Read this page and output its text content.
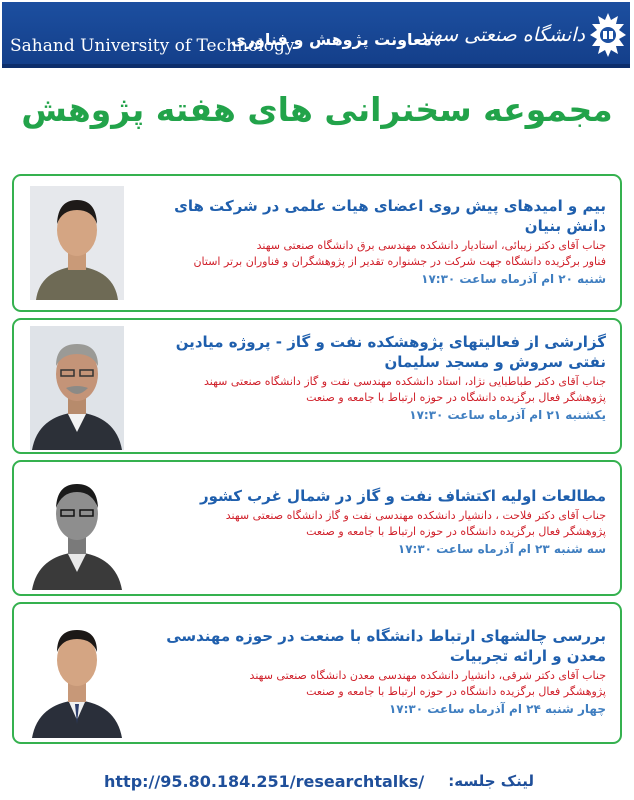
Sahand University of Technology
معاونت پژوهش و فناوری
دانشگاه صنعتی سهند
مجموعه سخنرانی های هفته پژوهش
بیم و امیدهای پیش روی اعضای هیات علمی در شرکت های دانش بنیان
جناب آقای دکتر زیبائی، استادیار دانشکده مهندسی برق دانشگاه صنعتی سهند
فناور برگزیده دانشگاه جهت شرکت در جشنواره تقدیر از پژوهشگران و فناوران برتر استان
شنبه ۲۰ ام آذرماه ساعت ۱۷:۳۰
گزارشی از فعالیتهای پژوهشکده نفت و گاز - پروژه میادین نفتی سروش و مسجد سلیمان
جناب آقای دکتر طباطبایی نژاد، استاد دانشکده مهندسی نفت و گاز دانشگاه صنعتی سهند
پژوهشگر فعال برگزیده دانشگاه در حوزه ارتباط با جامعه و صنعت
یکشنبه ۲۱ ام آذرماه ساعت ۱۷:۳۰
مطالعات اولیه اکتشاف نفت و گاز در شمال غرب کشور
جناب آقای دکتر فلاحت ، دانشیار دانشکده مهندسی نفت و گاز دانشگاه صنعتی سهند
پژوهشگر فعال برگزیده دانشگاه در حوزه ارتباط با جامعه و صنعت
سه شنبه ۲۳ ام آذرماه ساعت ۱۷:۳۰
بررسی چالشهای ارتباط دانشگاه با صنعت در حوزه مهندسی معدن و ارائه تجربیات
جناب آقای دکتر شرقی، دانشیار دانشکده مهندسی معدن دانشگاه صنعتی سهند
پژوهشگر فعال برگزیده دانشگاه در حوزه ارتباط با جامعه و صنعت
چهار شنبه ۲۴ ام آذرماه ساعت ۱۷:۳۰
http://95.80.184.251/researchtalks/ لینک جلسه:
